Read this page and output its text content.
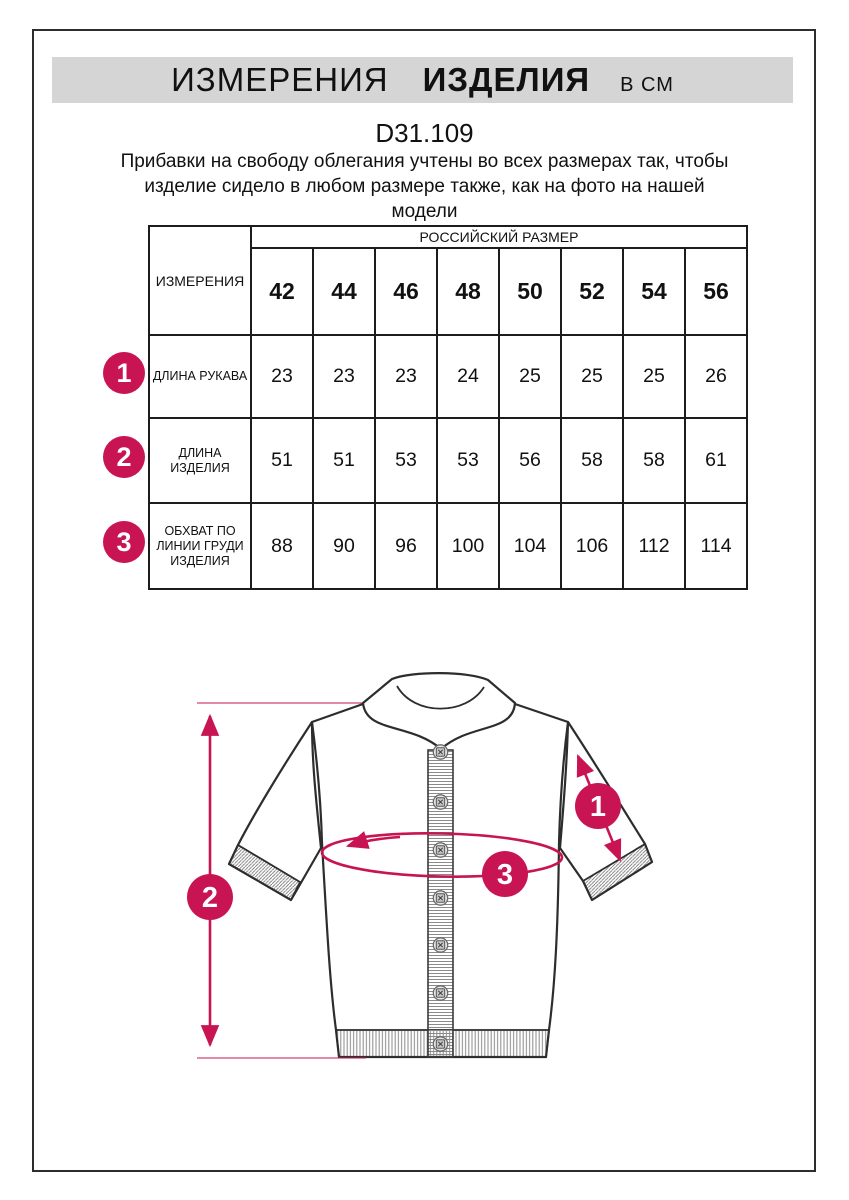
ИЗМЕРЕНИЯ ИЗДЕЛИЯ В СМ
D31.109
Прибавки на свободу облегания учтены во всех размерах так, чтобы
изделие сидело в любом размере также, как на фото на нашей
модели
ИЗМЕРЕНИЯ	РОССИЙСКИЙ РАЗМЕР							
	42	44	46	48	50	52	54	56
ДЛИНА РУКАВА	23	23	23	24	25	25	25	26
ДЛИНА ИЗДЕЛИЯ	51	51	53	53	56	58	58	61
ОБХВАТ ПО ЛИНИИ ГРУДИ ИЗДЕЛИЯ	88	90	96	100	104	106	112	114
1
2
3
1
2
3
